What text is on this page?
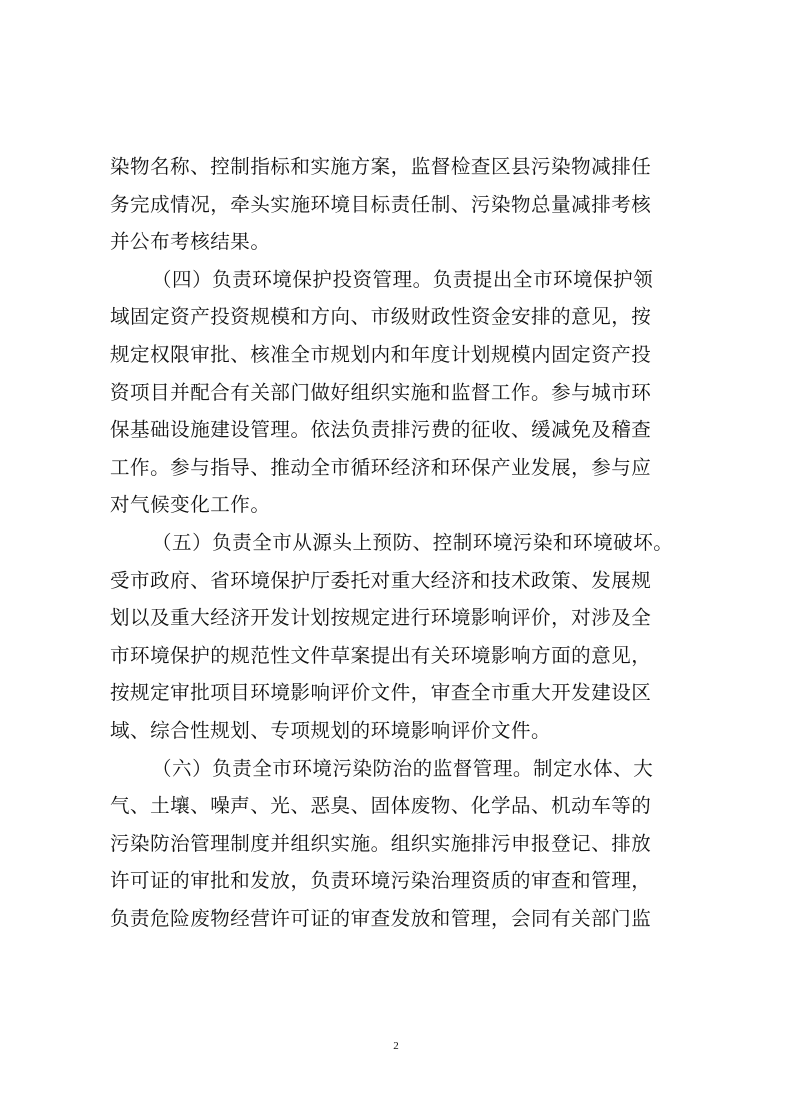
染物名称、控制指标和实施方案，监督检查区县污染物减排任
务完成情况，牵头实施环境目标责任制、污染物总量减排考核
并公布考核结果。
（四）负责环境保护投资管理。负责提出全市环境保护领
域固定资产投资规模和方向、市级财政性资金安排的意见，按
规定权限审批、核准全市规划内和年度计划规模内固定资产投
资项目并配合有关部门做好组织实施和监督工作。参与城市环
保基础设施建设管理。依法负责排污费的征收、缓减免及稽查
工作。参与指导、推动全市循环经济和环保产业发展，参与应
对气候变化工作。
（五）负责全市从源头上预防、控制环境污染和环境破坏。
受市政府、省环境保护厅委托对重大经济和技术政策、发展规
划以及重大经济开发计划按规定进行环境影响评价，对涉及全
市环境保护的规范性文件草案提出有关环境影响方面的意见，
按规定审批项目环境影响评价文件，审查全市重大开发建设区
域、综合性规划、专项规划的环境影响评价文件。
（六）负责全市环境污染防治的监督管理。制定水体、大
气、土壤、噪声、光、恶臭、固体废物、化学品、机动车等的
污染防治管理制度并组织实施。组织实施排污申报登记、排放
许可证的审批和发放，负责环境污染治理资质的审查和管理，
负责危险废物经营许可证的审查发放和管理，会同有关部门监
2
